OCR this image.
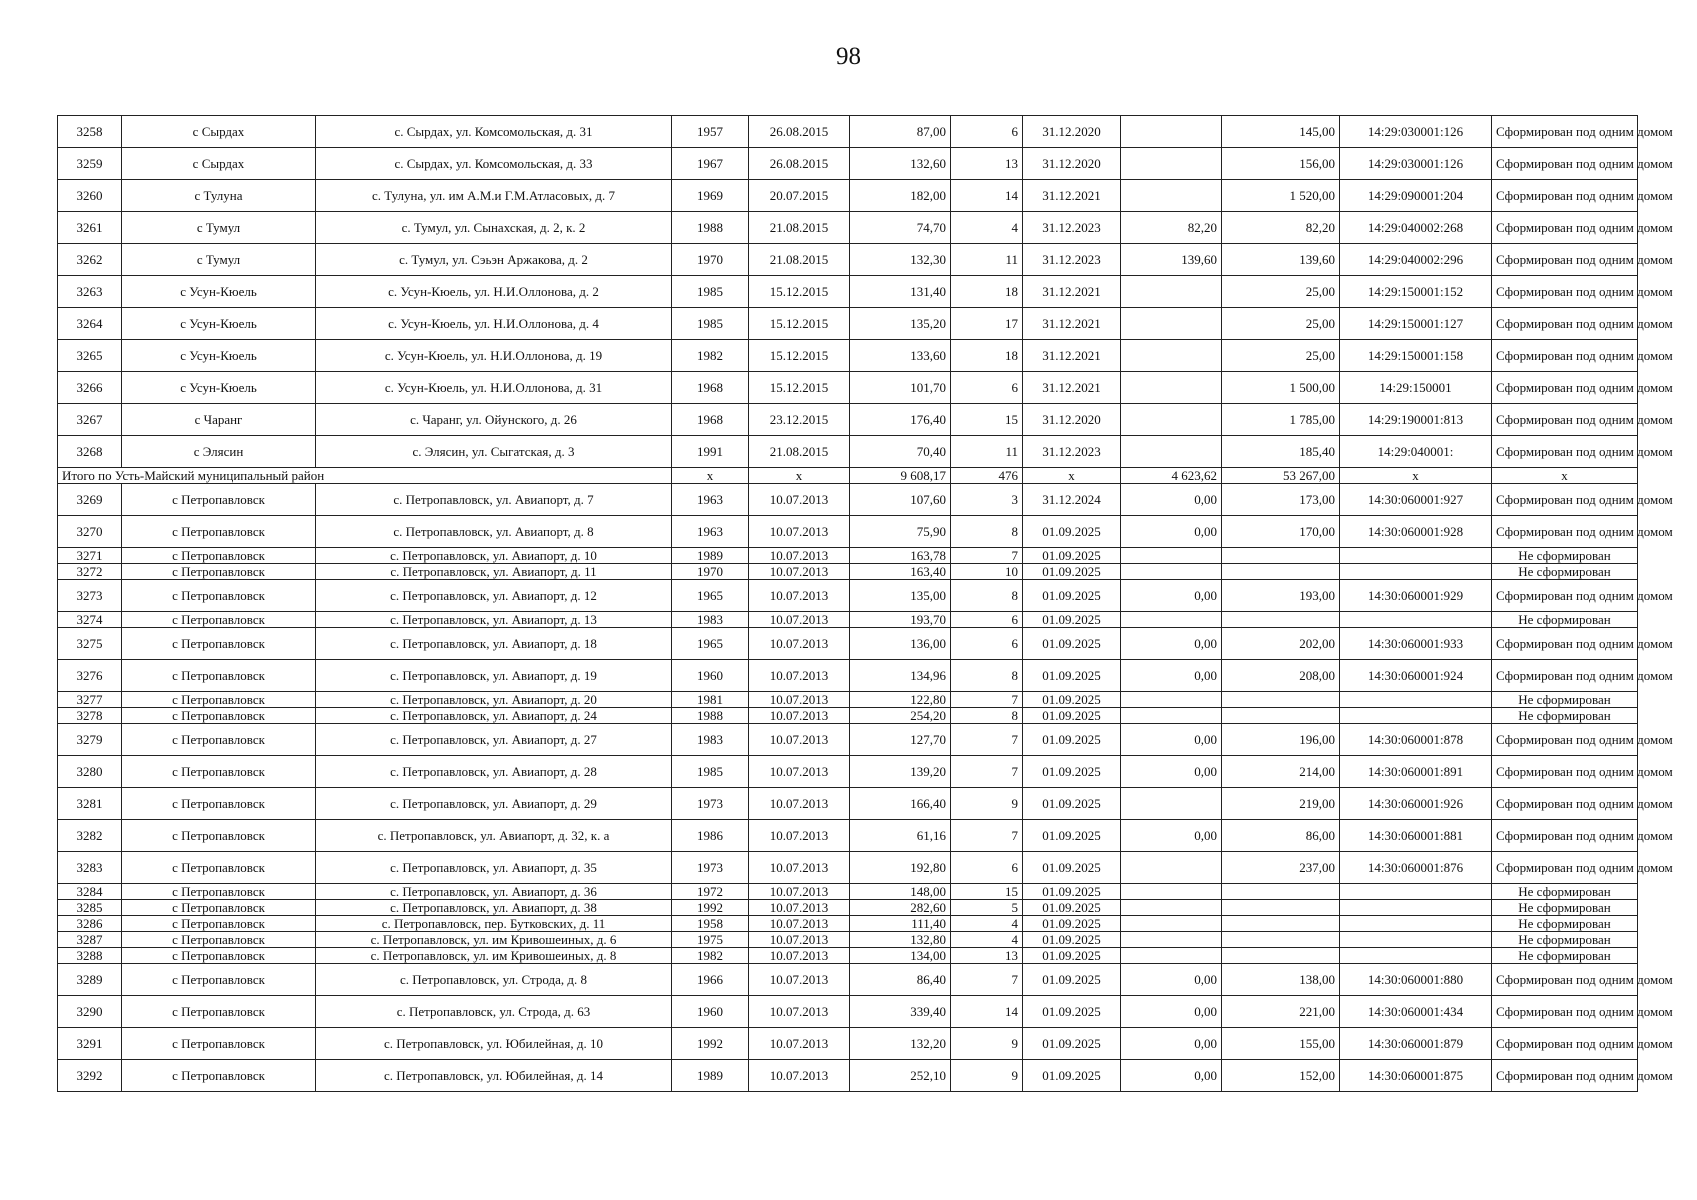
98
3258	с Сырдах	с. Сырдах, ул. Комсомольская, д. 31	1957	26.08.2015	87,00	6	31.12.2020		145,00	14:29:030001:126	Сформирован под одним домом
3259	с Сырдах	с. Сырдах, ул. Комсомольская, д. 33	1967	26.08.2015	132,60	13	31.12.2020		156,00	14:29:030001:126	Сформирован под одним домом
3260	с Тулуна	с. Тулуна, ул. им А.М.и Г.М.Атласовых, д. 7	1969	20.07.2015	182,00	14	31.12.2021		1 520,00	14:29:090001:204	Сформирован под одним домом
3261	с Тумул	с. Тумул, ул. Сынахская, д. 2, к. 2	1988	21.08.2015	74,70	4	31.12.2023	82,20	82,20	14:29:040002:268	Сформирован под одним домом
3262	с Тумул	с. Тумул, ул. Сэьэн Аржакова, д. 2	1970	21.08.2015	132,30	11	31.12.2023	139,60	139,60	14:29:040002:296	Сформирован под одним домом
3263	с Усун-Кюель	с. Усун-Кюель, ул. Н.И.Оллонова, д. 2	1985	15.12.2015	131,40	18	31.12.2021		25,00	14:29:150001:152	Сформирован под одним домом
3264	с Усун-Кюель	с. Усун-Кюель, ул. Н.И.Оллонова, д. 4	1985	15.12.2015	135,20	17	31.12.2021		25,00	14:29:150001:127	Сформирован под одним домом
3265	с Усун-Кюель	с. Усун-Кюель, ул. Н.И.Оллонова, д. 19	1982	15.12.2015	133,60	18	31.12.2021		25,00	14:29:150001:158	Сформирован под одним домом
3266	с Усун-Кюель	с. Усун-Кюель, ул. Н.И.Оллонова, д. 31	1968	15.12.2015	101,70	6	31.12.2021		1 500,00	14:29:150001	Сформирован под одним домом
3267	с Чаранг	с. Чаранг, ул. Ойунского, д. 26	1968	23.12.2015	176,40	15	31.12.2020		1 785,00	14:29:190001:813	Сформирован под одним домом
3268	с Элясин	с. Элясин, ул. Сыгатская, д. 3	1991	21.08.2015	70,40	11	31.12.2023		185,40	14:29:040001:	Сформирован под одним домом
Итого по Усть-Майский муниципальный район			x	x	9 608,17	476	x	4 623,62	53 267,00	x	x
3269	с Петропавловск	с. Петропавловск, ул. Авиапорт, д. 7	1963	10.07.2013	107,60	3	31.12.2024	0,00	173,00	14:30:060001:927	Сформирован под одним домом
3270	с Петропавловск	с. Петропавловск, ул. Авиапорт, д. 8	1963	10.07.2013	75,90	8	01.09.2025	0,00	170,00	14:30:060001:928	Сформирован под одним домом
3271	с Петропавловск	с. Петропавловск, ул. Авиапорт, д. 10	1989	10.07.2013	163,78	7	01.09.2025				Не сформирован
3272	с Петропавловск	с. Петропавловск, ул. Авиапорт, д. 11	1970	10.07.2013	163,40	10	01.09.2025				Не сформирован
3273	с Петропавловск	с. Петропавловск, ул. Авиапорт, д. 12	1965	10.07.2013	135,00	8	01.09.2025	0,00	193,00	14:30:060001:929	Сформирован под одним домом
3274	с Петропавловск	с. Петропавловск, ул. Авиапорт, д. 13	1983	10.07.2013	193,70	6	01.09.2025				Не сформирован
3275	с Петропавловск	с. Петропавловск, ул. Авиапорт, д. 18	1965	10.07.2013	136,00	6	01.09.2025	0,00	202,00	14:30:060001:933	Сформирован под одним домом
3276	с Петропавловск	с. Петропавловск, ул. Авиапорт, д. 19	1960	10.07.2013	134,96	8	01.09.2025	0,00	208,00	14:30:060001:924	Сформирован под одним домом
3277	с Петропавловск	с. Петропавловск, ул. Авиапорт, д. 20	1981	10.07.2013	122,80	7	01.09.2025				Не сформирован
3278	с Петропавловск	с. Петропавловск, ул. Авиапорт, д. 24	1988	10.07.2013	254,20	8	01.09.2025				Не сформирован
3279	с Петропавловск	с. Петропавловск, ул. Авиапорт, д. 27	1983	10.07.2013	127,70	7	01.09.2025	0,00	196,00	14:30:060001:878	Сформирован под одним домом
3280	с Петропавловск	с. Петропавловск, ул. Авиапорт, д. 28	1985	10.07.2013	139,20	7	01.09.2025	0,00	214,00	14:30:060001:891	Сформирован под одним домом
3281	с Петропавловск	с. Петропавловск, ул. Авиапорт, д. 29	1973	10.07.2013	166,40	9	01.09.2025		219,00	14:30:060001:926	Сформирован под одним домом
3282	с Петропавловск	с. Петропавловск, ул. Авиапорт, д. 32, к. а	1986	10.07.2013	61,16	7	01.09.2025	0,00	86,00	14:30:060001:881	Сформирован под одним домом
3283	с Петропавловск	с. Петропавловск, ул. Авиапорт, д. 35	1973	10.07.2013	192,80	6	01.09.2025		237,00	14:30:060001:876	Сформирован под одним домом
3284	с Петропавловск	с. Петропавловск, ул. Авиапорт, д. 36	1972	10.07.2013	148,00	15	01.09.2025				Не сформирован
3285	с Петропавловск	с. Петропавловск, ул. Авиапорт, д. 38	1992	10.07.2013	282,60	5	01.09.2025				Не сформирован
3286	с Петропавловск	с. Петропавловск, пер. Бутковских, д. 11	1958	10.07.2013	111,40	4	01.09.2025				Не сформирован
3287	с Петропавловск	с. Петропавловск, ул. им Кривошеиных, д. 6	1975	10.07.2013	132,80	4	01.09.2025				Не сформирован
3288	с Петропавловск	с. Петропавловск, ул. им Кривошеиных, д. 8	1982	10.07.2013	134,00	13	01.09.2025				Не сформирован
3289	с Петропавловск	с. Петропавловск, ул. Строда, д. 8	1966	10.07.2013	86,40	7	01.09.2025	0,00	138,00	14:30:060001:880	Сформирован под одним домом
3290	с Петропавловск	с. Петропавловск, ул. Строда, д. 63	1960	10.07.2013	339,40	14	01.09.2025	0,00	221,00	14:30:060001:434	Сформирован под одним домом
3291	с Петропавловск	с. Петропавловск, ул. Юбилейная, д. 10	1992	10.07.2013	132,20	9	01.09.2025	0,00	155,00	14:30:060001:879	Сформирован под одним домом
3292	с Петропавловск	с. Петропавловск, ул. Юбилейная, д. 14	1989	10.07.2013	252,10	9	01.09.2025	0,00	152,00	14:30:060001:875	Сформирован под одним домом
